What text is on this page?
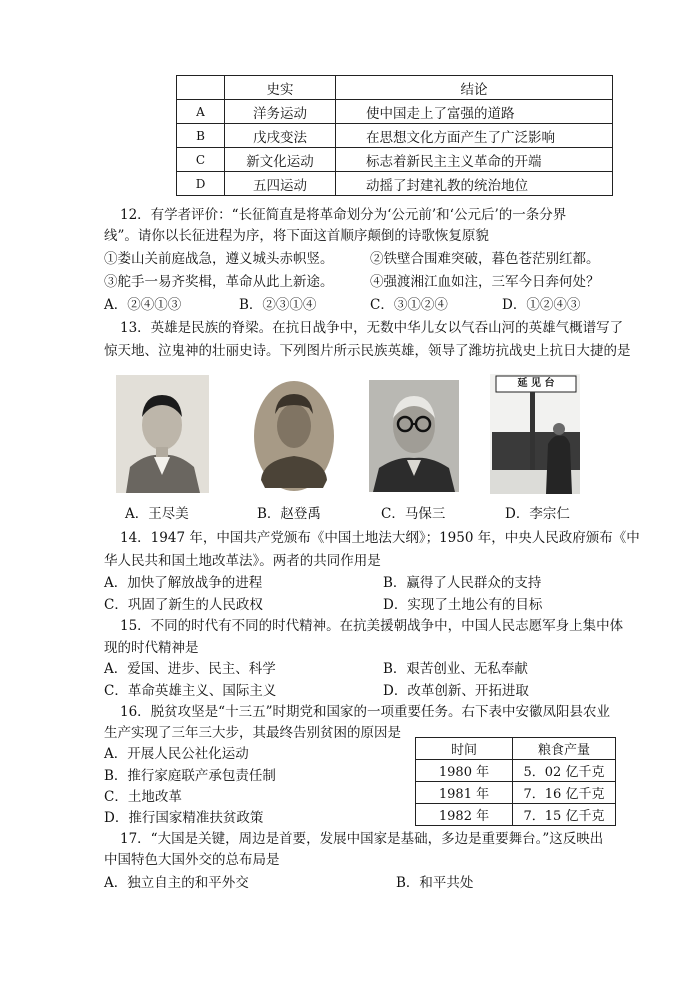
	史实	结论
A	洋务运动	使中国走上了富强的道路
B	戊戌变法	在思想文化方面产生了广泛影响
C	新文化运动	标志着新民主主义革命的开端
D	五四运动	动摇了封建礼教的统治地位
12．有学者评价：“长征简直是将革命划分为‘公元前’和‘公元后’的一条分界
线”。请你以长征进程为序，将下面这首顺序颠倒的诗歌恢复原貌
①娄山关前庭战急，遵义城头赤帜竖。	②铁壁合围难突破，暮色苍茫别红都。
③舵手一易齐奖楫，革命从此上新途。	④强渡湘江血如注，三军今日奔何处？
A．②④①③	B．②③①④	C．③①②④	D．①②④③
13．英雄是民族的脊梁。在抗日战争中，无数中华儿女以气吞山河的英雄气概谱写了
惊天地、泣鬼神的壮丽史诗。下列图片所示民族英雄，领导了潍坊抗战史上抗日大捷的是
延 见 台
A．王尽美	B．赵登禹	C．马保三	D．李宗仁
14．1947 年，中国共产党颁布《中国土地法大纲》；1950 年，中央人民政府颁布《中
华人民共和国土地改革法》。两者的共同作用是
A．加快了解放战争的进程	B．赢得了人民群众的支持
C．巩固了新生的人民政权	D．实现了土地公有的目标
15．不同的时代有不同的时代精神。在抗美援朝战争中，中国人民志愿军身上集中体
现的时代精神是
A．爱国、进步、民主、科学	B．艰苦创业、无私奉献
C．革命英雄主义、国际主义	D．改革创新、开拓进取
16．脱贫攻坚是“十三五”时期党和国家的一项重要任务。右下表中安徽凤阳县农业
生产实现了三年三大步，其最终告别贫困的原因是
A．开展人民公社化运动
B．推行家庭联产承包责任制
C．土地改革
D．推行国家精准扶贫政策
时间	粮食产量
1980 年	5．02 亿千克
1981 年	7．16 亿千克
1982 年	7．15 亿千克
17．“大国是关键，周边是首要，发展中国家是基础，多边是重要舞台。”这反映出
中国特色大国外交的总布局是
A．独立自主的和平外交	B．和平共处
